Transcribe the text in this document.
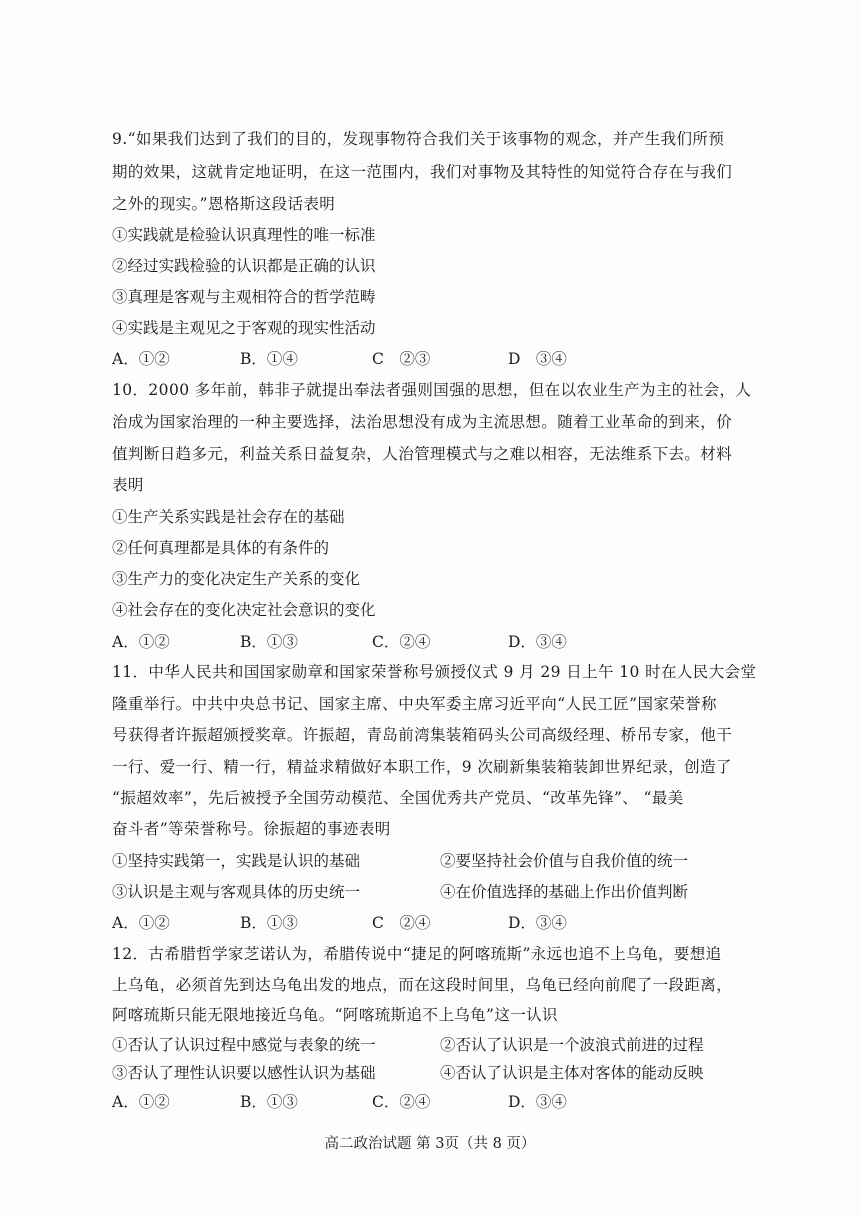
9.“如果我们达到了我们的目的，发现事物符合我们关于该事物的观念，并产生我们所预
期的效果，这就肯定地证明，在这一范围内，我们对事物及其特性的知觉符合存在与我们
之外的现实。”恩格斯这段话表明
①实践就是检验认识真理性的唯一标准
②经过实践检验的认识都是正确的认识
③真理是客观与主观相符合的哲学范畴
④实践是主观见之于客观的现实性活动
A．①②	B．①④	C　②③	D　③④
10．2000 多年前，韩非子就提出奉法者强则国强的思想，但在以农业生产为主的社会，人
治成为国家治理的一种主要选择，法治思想没有成为主流思想。随着工业革命的到来，价
值判断日趋多元，利益关系日益复杂，人治管理模式与之难以相容，无法维系下去。材料
表明
①生产关系实践是社会存在的基础
②任何真理都是具体的有条件的
③生产力的变化决定生产关系的变化
④社会存在的变化决定社会意识的变化
A．①②	B．①③	C．②④	D．③④
11．中华人民共和国国家勋章和国家荣誉称号颁授仪式 9 月 29 日上午 10 时在人民大会堂
隆重举行。中共中央总书记、国家主席、中央军委主席习近平向“人民工匠”国家荣誉称
号获得者许振超颁授奖章。许振超，青岛前湾集装箱码头公司高级经理、桥吊专家，他干
一行、爱一行、精一行，精益求精做好本职工作，9 次刷新集装箱装卸世界纪录，创造了
“振超效率”，先后被授予全国劳动模范、全国优秀共产党员、“改革先锋”、 “最美
奋斗者”等荣誉称号。徐振超的事迹表明
①坚持实践第一，实践是认识的基础	②要坚持社会价值与自我价值的统一
③认识是主观与客观具体的历史统一	④在价值选择的基础上作出价值判断
A．①②	B．①③	C　②④	D．③④
12．古希腊哲学家芝诺认为，希腊传说中“捷足的阿喀琉斯”永远也追不上乌龟，要想追
上乌龟，必须首先到达乌龟出发的地点，而在这段时间里，乌龟已经向前爬了一段距离，
阿喀琉斯只能无限地接近乌龟。“阿喀琉斯追不上乌龟”这一认识
①否认了认识过程中感觉与表象的统一	②否认了认识是一个波浪式前进的过程
③否认了理性认识要以感性认识为基础	④否认了认识是主体对客体的能动反映
A．①②	B．①③	C．②④	D．③④
高二政治试题 第 3页（共 8 页）
